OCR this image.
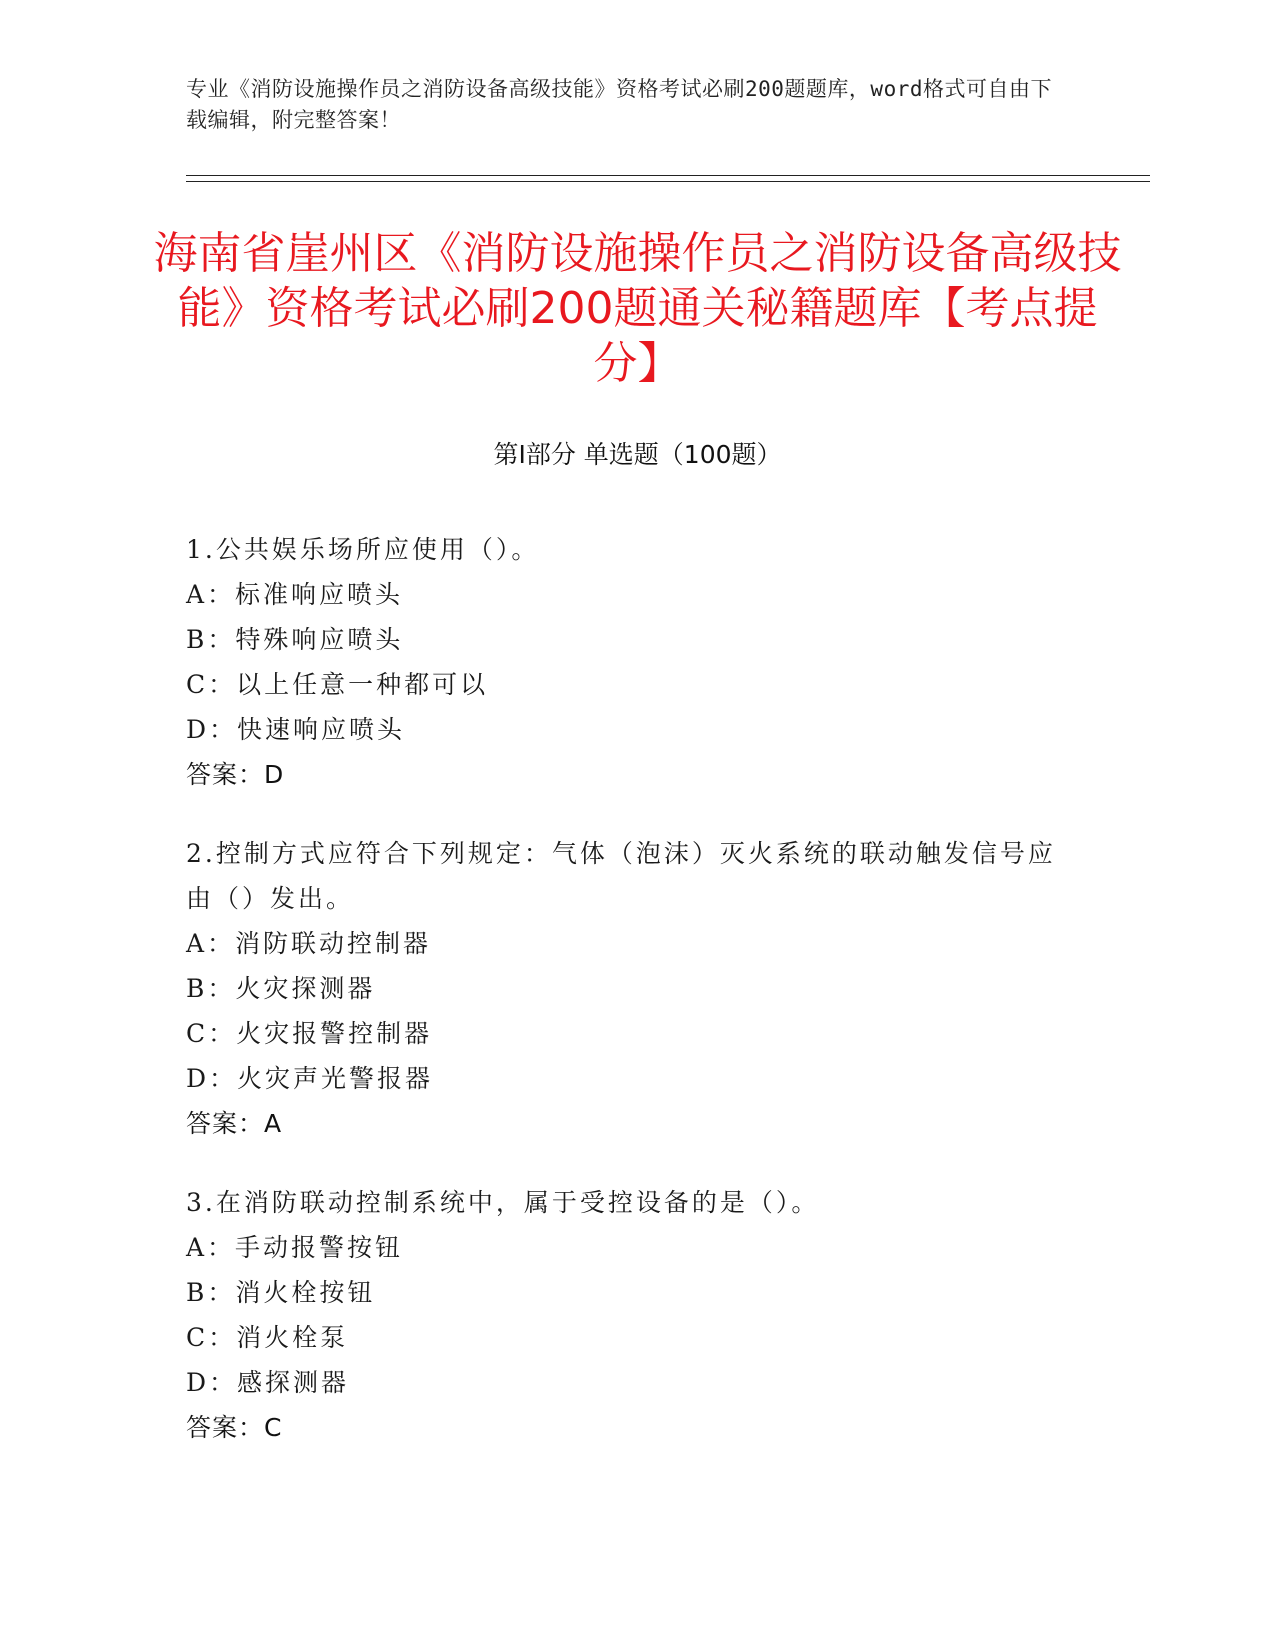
专业《消防设施操作员之消防设备高级技能》资格考试必刷200题题库，word格式可自由下载编辑，附完整答案！

海南省崖州区《消防设施操作员之消防设备高级技能》资格考试必刷200题通关秘籍题库【考点提分】
第Ⅰ部分 单选题（100题）

1.公共娱乐场所应使用（）。

A：标准响应喷头

B：特殊响应喷头

C：以上任意一种都可以

D：快速响应喷头

答案：D

2.控制方式应符合下列规定：气体（泡沫）灭火系统的联动触发信号应由（）发出。

A：消防联动控制器

B：火灾探测器

C：火灾报警控制器

D：火灾声光警报器

答案：A

3.在消防联动控制系统中，属于受控设备的是（）。

A：手动报警按钮

B：消火栓按钮

C：消火栓泵

D：感探测器

答案：C
